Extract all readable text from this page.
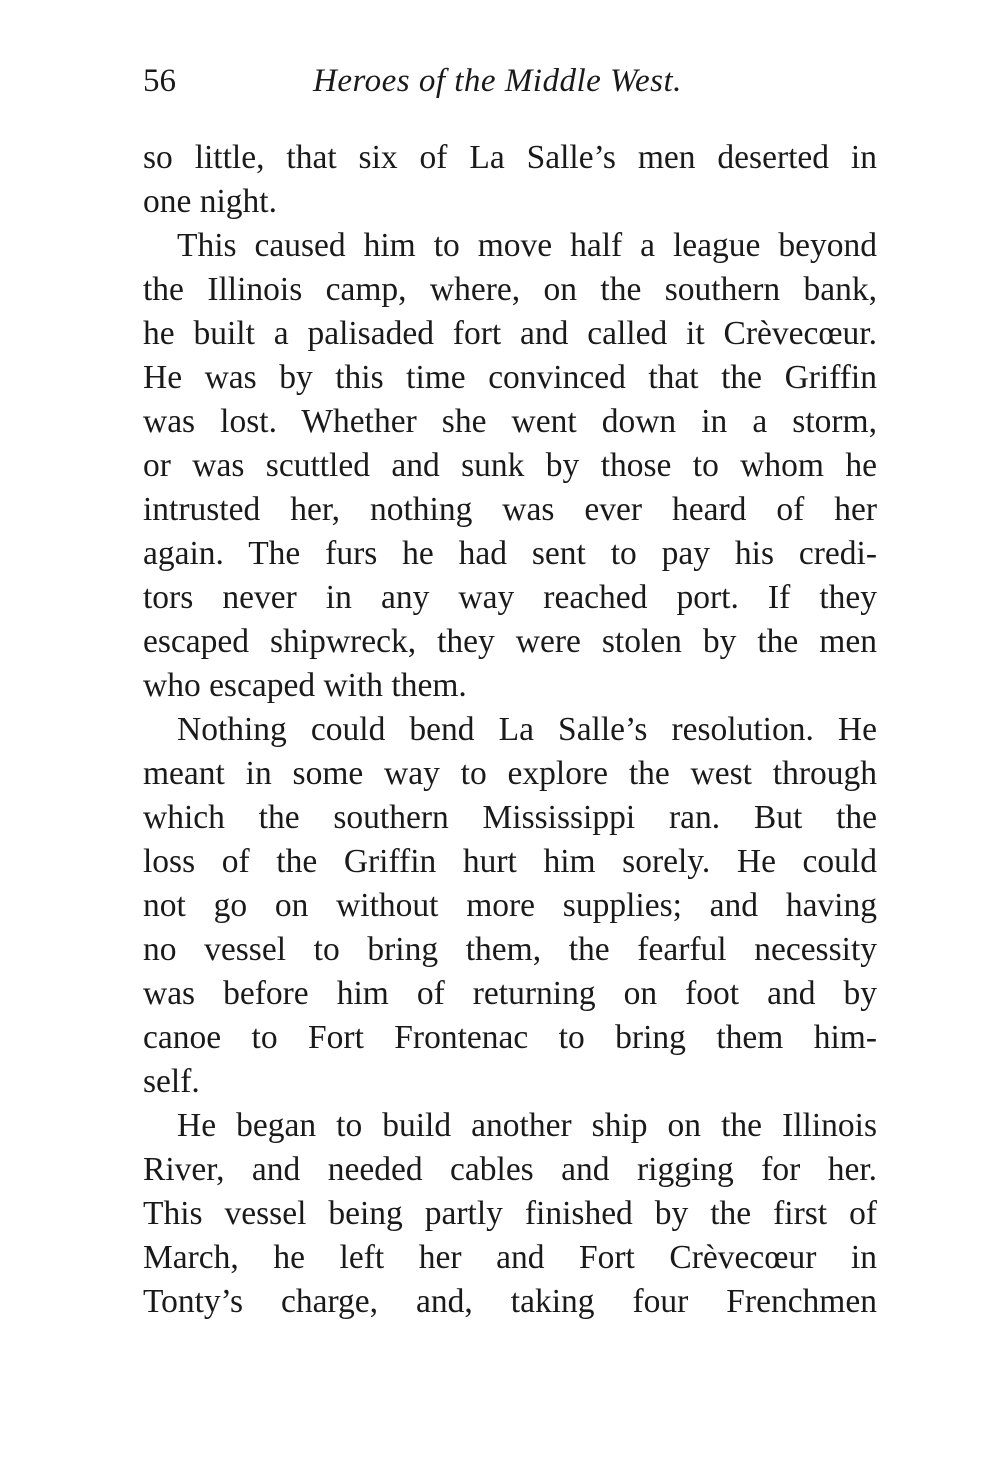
56	Heroes of the Middle West.
so little, that six of La Salle’s men deserted in
one night.
This caused him to move half a league beyond
the Illinois camp, where, on the southern bank,
he built a palisaded fort and called it Crèvecœur.
He was by this time convinced that the Griffin
was lost. Whether she went down in a storm,
or was scuttled and sunk by those to whom he
intrusted her, nothing was ever heard of her
again. The furs he had sent to pay his credi-
tors never in any way reached port. If they
escaped shipwreck, they were stolen by the men
who escaped with them.
Nothing could bend La Salle’s resolution. He
meant in some way to explore the west through
which the southern Mississippi ran. But the
loss of the Griffin hurt him sorely. He could
not go on without more supplies; and having
no vessel to bring them, the fearful necessity
was before him of returning on foot and by
canoe to Fort Frontenac to bring them him-
self.
He began to build another ship on the Illinois
River, and needed cables and rigging for her.
This vessel being partly finished by the first of
March, he left her and Fort Crèvecœur in
Tonty’s charge, and, taking four Frenchmen
